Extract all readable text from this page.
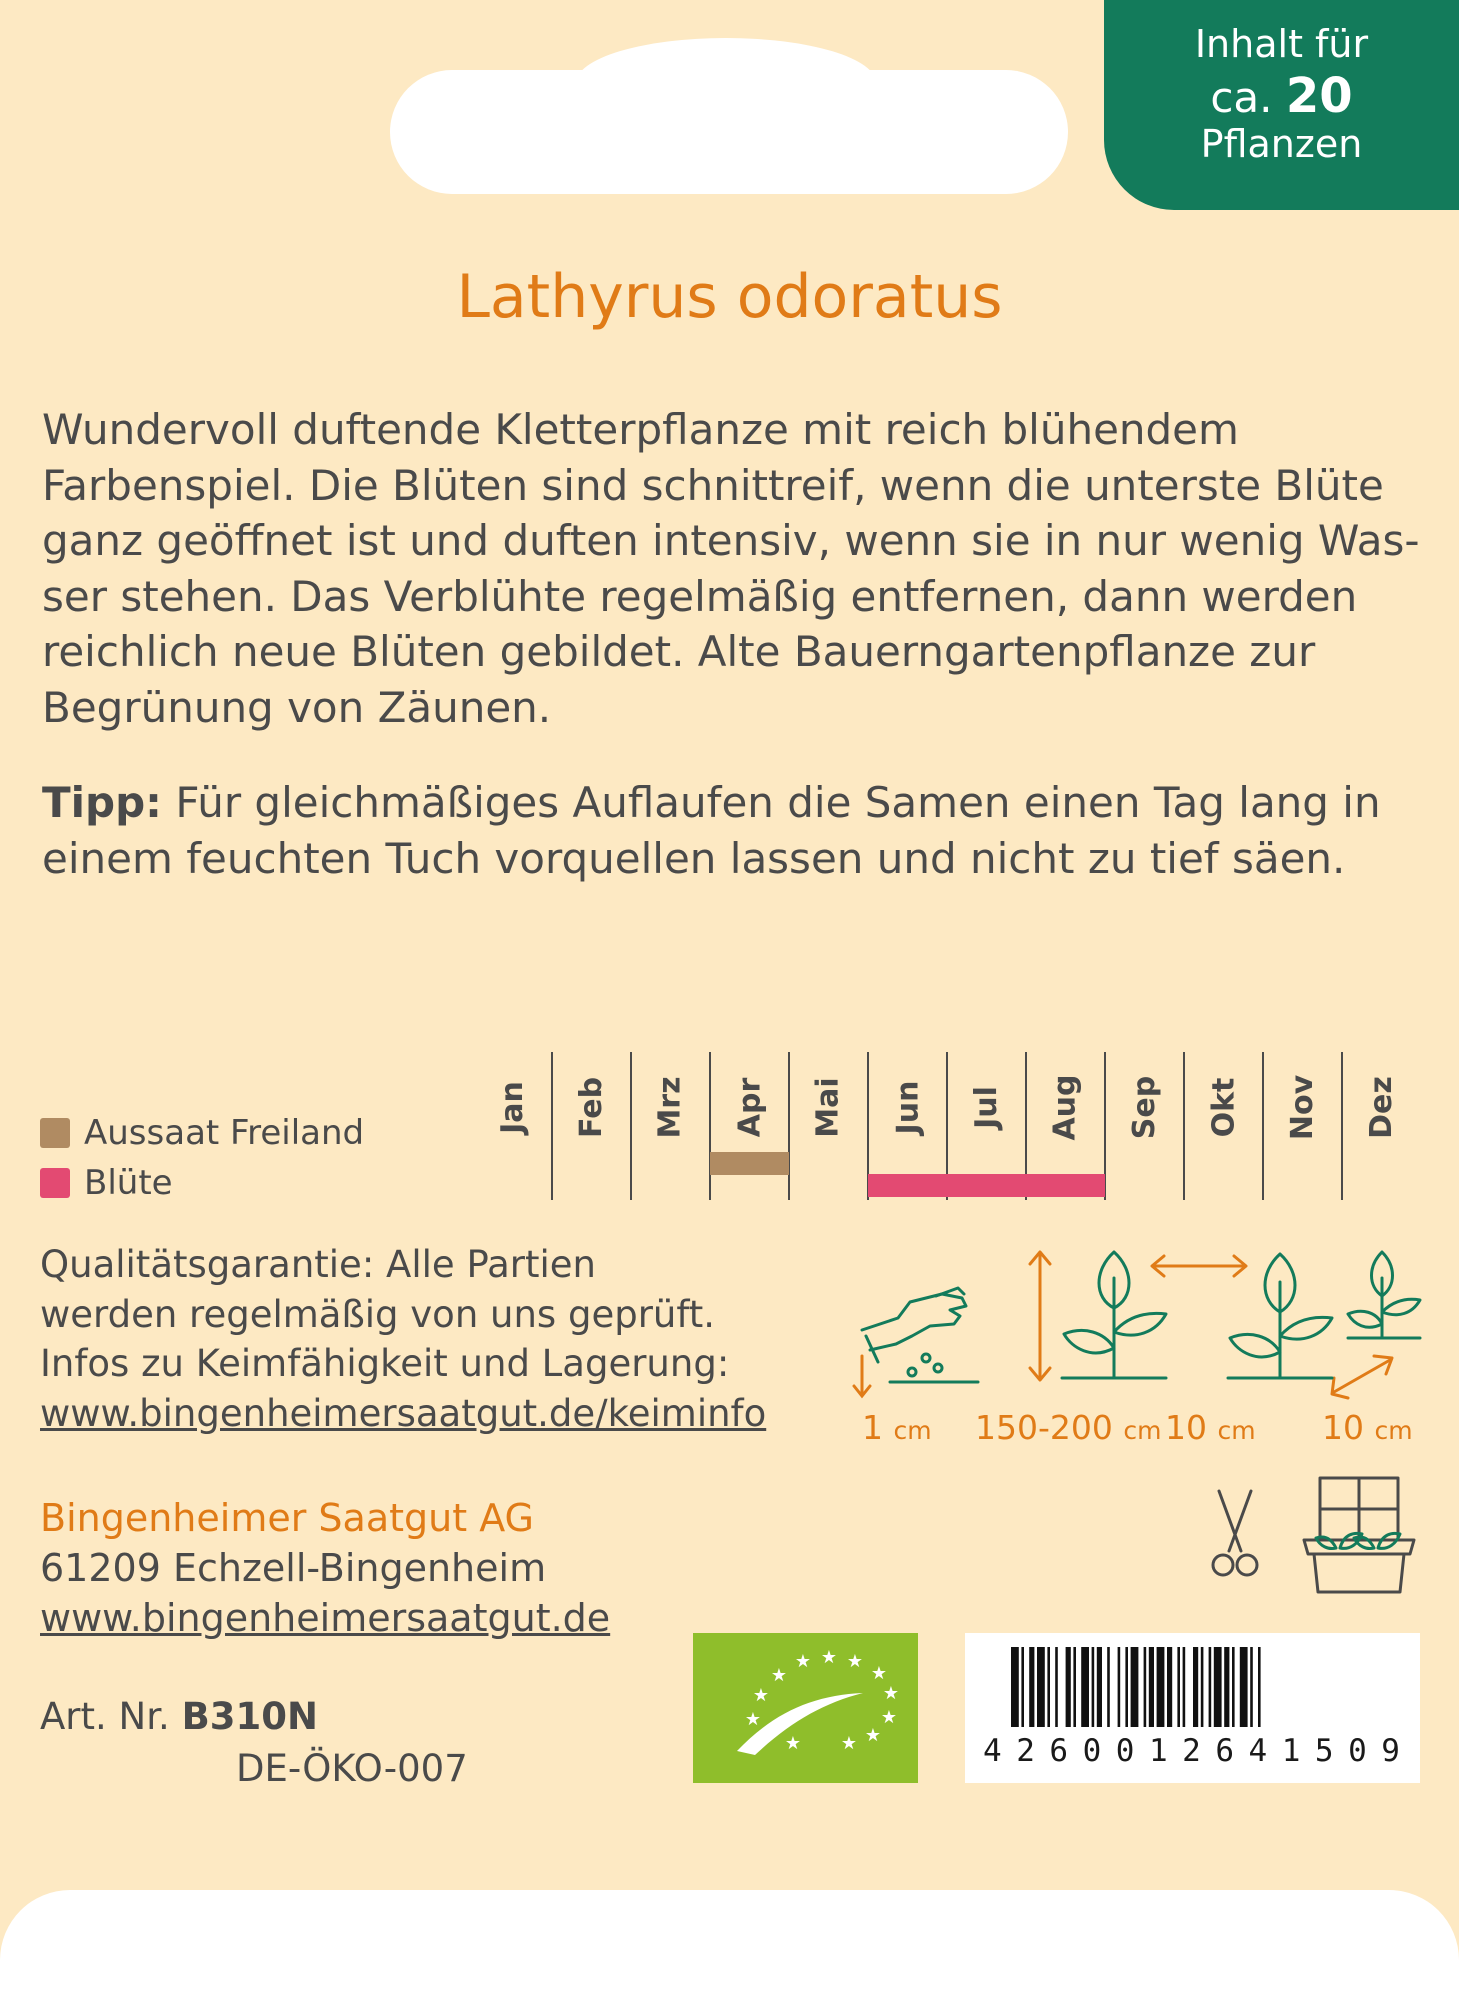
Inhalt für
ca. 20
Pflanzen
Lathyrus odoratus

Wundervoll duftende Kletterpflanze mit reich blühendem Farbenspiel. Die Blüten sind schnittreif, wenn die unterste Blüte ganz geöffnet ist und duften intensiv, wenn sie in nur wenig Wasser stehen. Das Verblühte regelmäßig entfernen, dann werden reichlich neue Blüten gebildet. Alte Bauerngartenpflanze zur Begrünung von Zäunen.

Tipp: Für gleichmäßiges Auflaufen die Samen einen Tag lang in einem feuchten Tuch vorquellen lassen und nicht zu tief säen.

Aussaat Freiland
Blüte
Jan Feb Mrz Apr Mai Jun Jul Aug Sep Okt Nov Dez
Qualitätsgarantie: Alle Partien
werden regelmäßig von uns geprüft.
Infos zu Keimfähigkeit und Lagerung:
www.bingenheimersaatgut.de/keiminfo	1 cm 150-200 cm 10 cm 10 cm
Bingenheimer Saatgut AG
61209 Echzell-Bingenheim
www.bingenheimersaatgut.de
Art. Nr. B310N
DE-ÖKO-007
★
★
★
★ ★ ★
★
★
★
★
★
★	4 2 6 0 0 1 2 6 4 1 5 0 9
